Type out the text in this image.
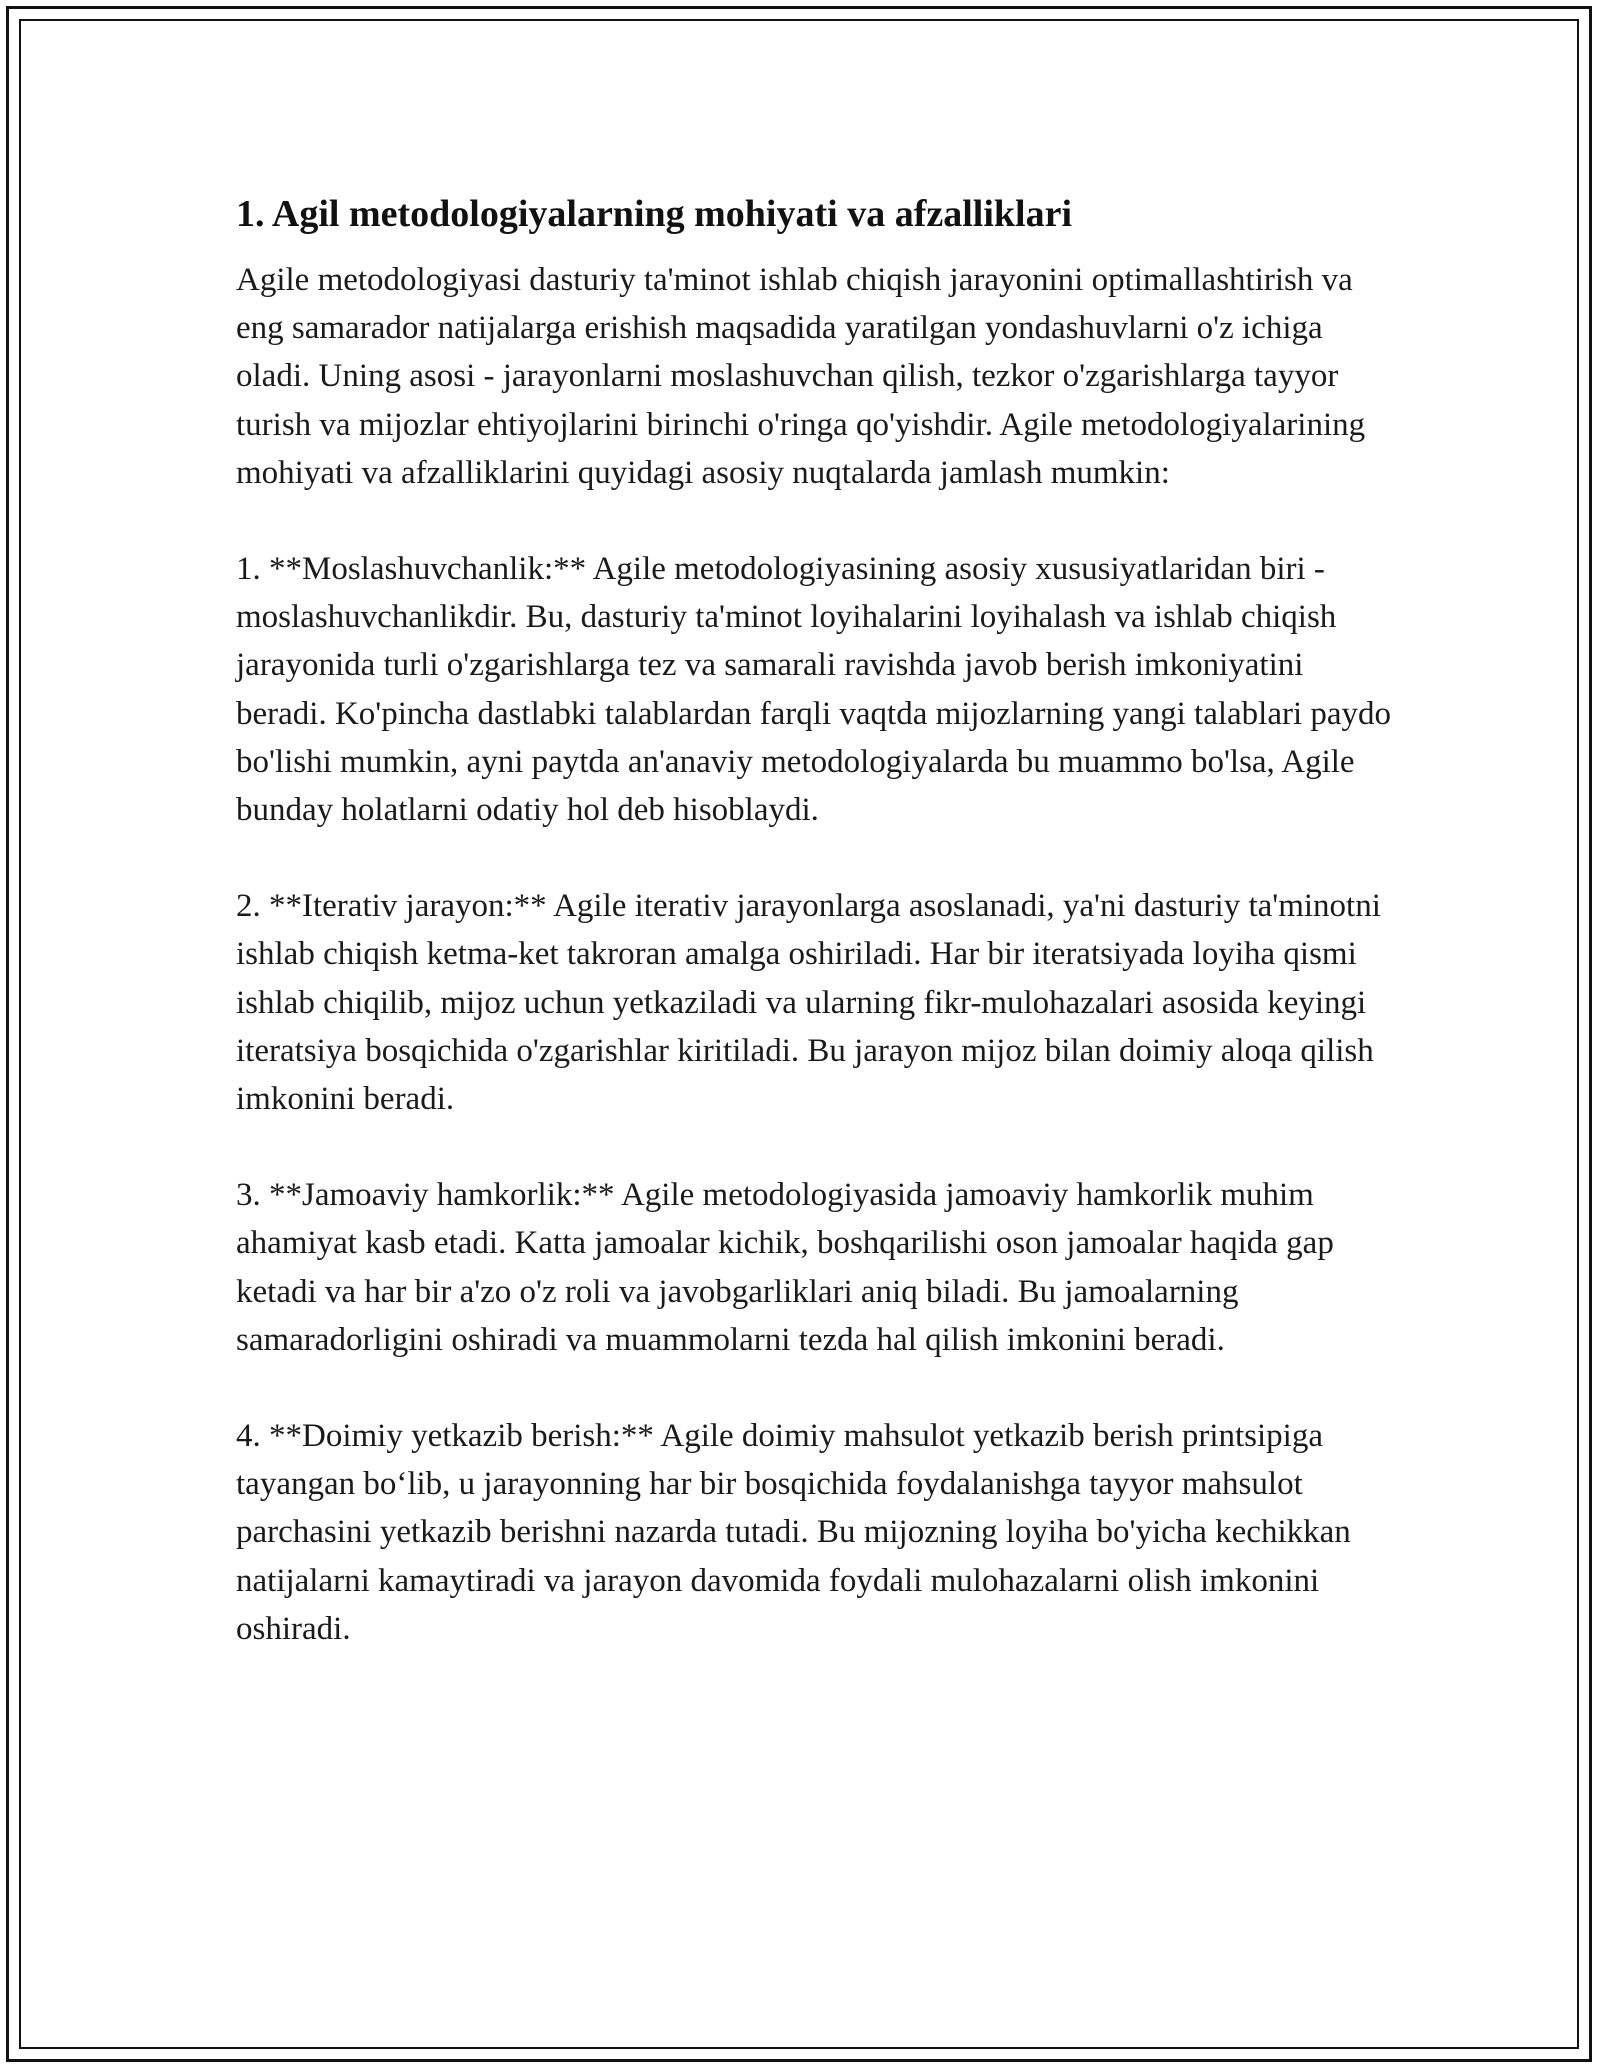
1. Agil metodologiyalarning mohiyati va afzalliklari

Agile metodologiyasi dasturiy ta'minot ishlab chiqish jarayonini optimallashtirish va eng samarador natijalarga erishish maqsadida yaratilgan yondashuvlarni o'z ichiga oladi. Uning asosi - jarayonlarni moslashuvchan qilish, tezkor o'zgarishlarga tayyor turish va mijozlar ehtiyojlarini birinchi o'ringa qo'yishdir. Agile metodologiyalarining mohiyati va afzalliklarini quyidagi asosiy nuqtalarda jamlash mumkin:

1. **Moslashuvchanlik:** Agile metodologiyasining asosiy xususiyatlaridan biri - moslashuvchanlikdir. Bu, dasturiy ta'minot loyihalarini loyihalash va ishlab chiqish jarayonida turli o'zgarishlarga tez va samarali ravishda javob berish imkoniyatini beradi. Ko'pincha dastlabki talablardan farqli vaqtda mijozlarning yangi talablari paydo bo'lishi mumkin, ayni paytda an'anaviy metodologiyalarda bu muammo bo'lsa, Agile bunday holatlarni odatiy hol deb hisoblaydi.

2. **Iterativ jarayon:** Agile iterativ jarayonlarga asoslanadi, ya'ni dasturiy ta'minotni ishlab chiqish ketma-ket takroran amalga oshiriladi. Har bir iteratsiyada loyiha qismi ishlab chiqilib, mijoz uchun yetkaziladi va ularning fikr-mulohazalari asosida keyingi iteratsiya bosqichida o'zgarishlar kiritiladi. Bu jarayon mijoz bilan doimiy aloqa qilish imkonini beradi.

3. **Jamoaviy hamkorlik:** Agile metodologiyasida jamoaviy hamkorlik muhim ahamiyat kasb etadi. Katta jamoalar kichik, boshqarilishi oson jamoalar haqida gap ketadi va har bir a'zo o'z roli va javobgarliklari aniq biladi. Bu jamoalarning samaradorligini oshiradi va muammolarni tezda hal qilish imkonini beradi.

4. **Doimiy yetkazib berish:** Agile doimiy mahsulot yetkazib berish printsipiga tayangan bo‘lib, u jarayonning har bir bosqichida foydalanishga tayyor mahsulot parchasini yetkazib berishni nazarda tutadi. Bu mijozning loyiha bo'yicha kechikkan natijalarni kamaytiradi va jarayon davomida foydali mulohazalarni olish imkonini oshiradi.
